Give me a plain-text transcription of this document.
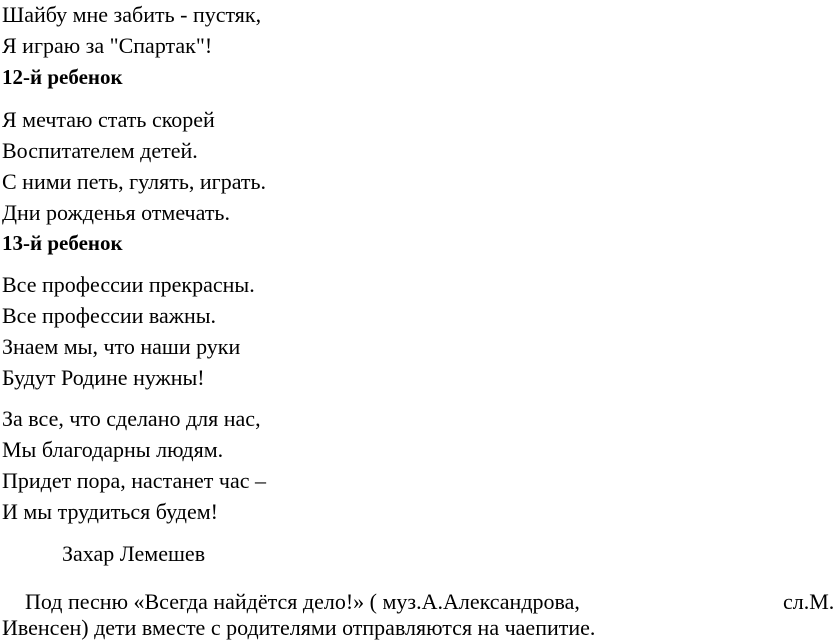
Шайбу мне забить - пустяк,
Я играю за "Спартак"!
12-й ребенок
Я мечтаю стать скорей
Воспитателем детей.
С ними петь, гулять, играть.
Дни рожденья отмечать.
13-й ребенок
Все профессии прекрасны.
Все профессии важны.
Знаем мы, что наши руки
Будут Родине нужны!
За все, что сделано для нас,
Мы благодарны людям.
Придет пора, настанет час –
И мы трудиться будем!
Захар Лемешев
Под песню «Всегда найдётся дело!» ( муз.А.Александрова,	сл.М.
Ивенсен) дети вместе с родителями отправляются на чаепитие.
